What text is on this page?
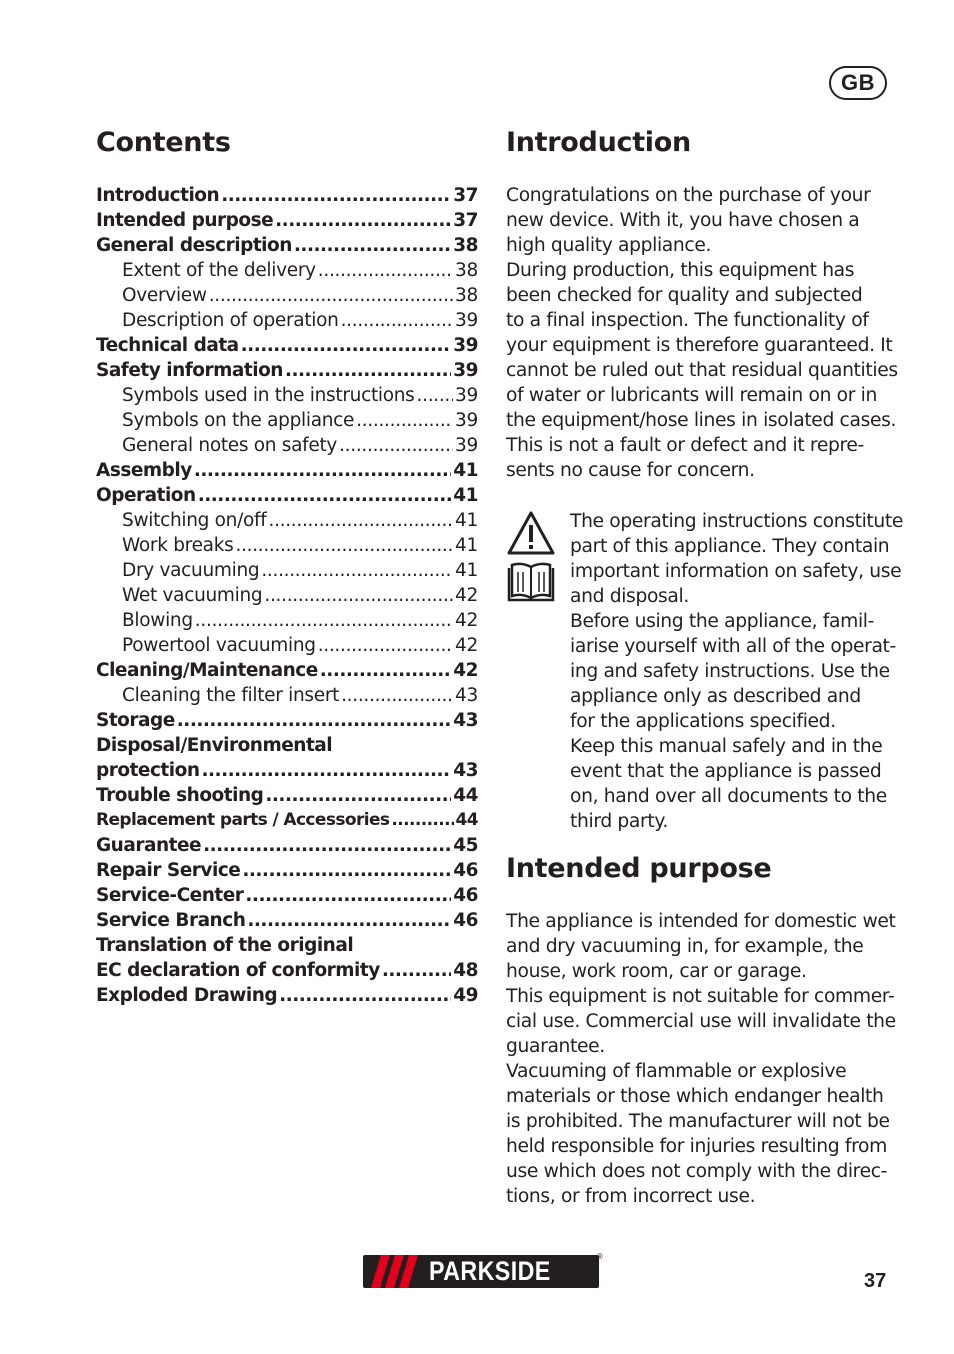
GB
Contents
Introduction .....	37
Intended purpose .....	37
General description .....	38
Extent of the delivery .....	38
Overview .....	38
Description of operation .....	39
Technical data .....	39
Safety information .....	39
Symbols used in the instructions ..... 39
Symbols on the appliance .....	39
General notes on safety .....	39
Assembly .....	41
Operation .....	41
Switching on/off .....	41
Work breaks .....	41
Dry vacuuming .....	41
Wet vacuuming .....	42
Blowing .....	42
Powertool vacuuming .....	42
Cleaning/Maintenance .....	42
Cleaning the filter insert .....	43
Storage .....	43
Disposal/Environmental
protection .....	43
Trouble shooting .....	44
Replacement parts / Accessories .....	44
Guarantee .....	45
Repair Service .....	46
Service-Center .....	46
Service Branch .....	46
Translation of the original
EC declaration of conformity .....	48
Exploded Drawing .....	49
Introduction
Congratulations on the purchase of your
new device. With it, you have chosen a
high quality appliance.
During production, this equipment has
been checked for quality and subjected
to a final inspection. The functionality of
your equipment is therefore guaranteed. It
cannot be ruled out that residual quantities
of water or lubricants will remain on or in
the equipment/hose lines in isolated cases.
This is not a fault or defect and it repre-
sents no cause for concern.
The operating instructions constitute
part of this appliance. They contain
important information on safety, use
and disposal.
Before using the appliance, famil-
iarise yourself with all of the operat-
ing and safety instructions. Use the
appliance only as described and
for the applications specified.
Keep this manual safely and in the
event that the appliance is passed
on, hand over all documents to the
third party.
Intended purpose
The appliance is intended for domestic wet
and dry vacuuming in, for example, the
house, work room, car or garage.
This equipment is not suitable for commer-
cial use. Commercial use will invalidate the
guarantee.
Vacuuming of flammable or explosive
materials or those which endanger health
is prohibited. The manufacturer will not be
held responsible for injuries resulting from
use which does not comply with the direc-
tions, or from incorrect use.
PARKSIDE	®
37
